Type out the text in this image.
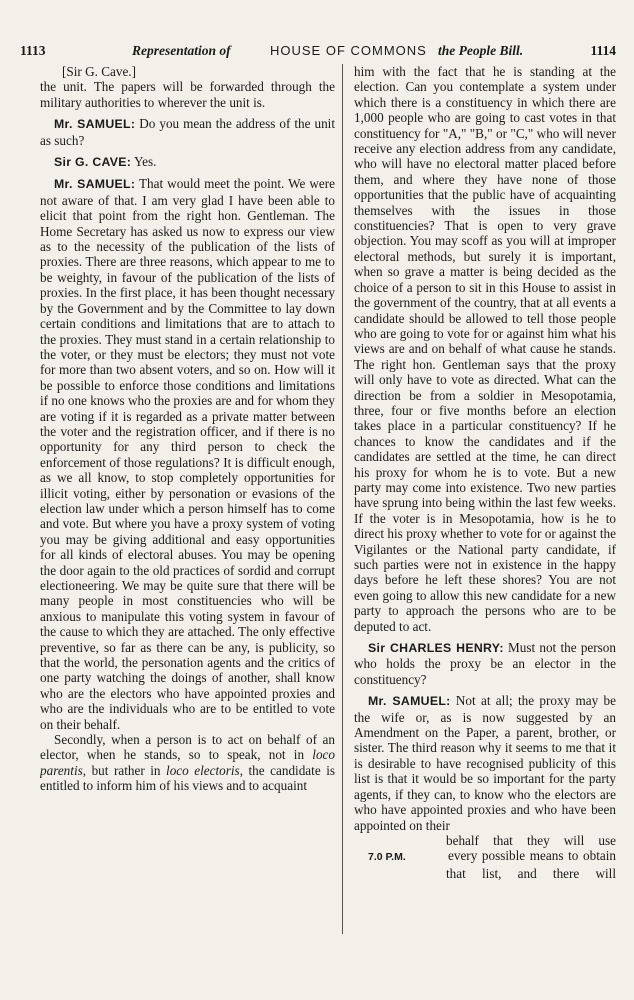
1113	Representation of	HOUSE OF COMMONS the People Bill.	1114

[Sir G. Cave.]

the unit. The papers will be forwarded through the military authorities to wherever the unit is.

Mr. SAMUEL: Do you mean the address of the unit as such?

Sir G. CAVE: Yes.

Mr. SAMUEL: That would meet the point. We were not aware of that. I am very glad I have been able to elicit that point from the right hon. Gentleman. The Home Secretary has asked us now to express our view as to the necessity of the publication of the lists of proxies. There are three reasons, which appear to me to be weighty, in favour of the publication of the lists of proxies. In the first place, it has been thought necessary by the Government and by the Committee to lay down certain conditions and limitations that are to attach to the proxies. They must stand in a certain relationship to the voter, or they must be electors; they must not vote for more than two absent voters, and so on. How will it be possible to enforce those conditions and limitations if no one knows who the proxies are and for whom they are voting if it is regarded as a private matter between the voter and the registration officer, and if there is no opportunity for any third person to check the enforcement of those regulations? It is difficult enough, as we all know, to stop completely opportunities for illicit voting, either by personation or evasions of the election law under which a person himself has to come and vote. But where you have a proxy system of voting you may be giving additional and easy opportunities for all kinds of electoral abuses. You may be opening the door again to the old practices of sordid and corrupt electioneering. We may be quite sure that there will be many people in most constituencies who will be anxious to manipulate this voting system in favour of the cause to which they are attached. The only effective preventive, so far as there can be any, is publicity, so that the world, the personation agents and the critics of one party watching the doings of another, shall know who are the electors who have appointed proxies and who are the individuals who are to be entitled to vote on their behalf.

Secondly, when a person is to act on behalf of an elector, when he stands, so to speak, not in loco parentis, but rather in loco electoris, the candidate is entitled to inform him of his views and to acquaint

him with the fact that he is standing at the election. Can you contemplate a system under which there is a constituency in which there are 1,000 people who are going to cast votes in that constituency for "A," "B," or "C," who will never receive any election address from any candidate, who will have no electoral matter placed before them, and where they have none of those opportunities that the public have of acquainting themselves with the issues in those constituencies? That is open to very grave objection. You may scoff as you will at improper electoral methods, but surely it is important, when so grave a matter is being decided as the choice of a person to sit in this House to assist in the government of the country, that at all events a candidate should be allowed to tell those people who are going to vote for or against him what his views are and on behalf of what cause he stands. The right hon. Gentleman says that the proxy will only have to vote as directed. What can the direction be from a soldier in Mesopotamia, three, four or five months before an election takes place in a particular constituency? If he chances to know the candidates and if the candidates are settled at the time, he can direct his proxy for whom he is to vote. But a new party may come into existence. Two new parties have sprung into being within the last few weeks. If the voter is in Mesopotamia, how is he to direct his proxy whether to vote for or against the Vigilantes or the National party candidate, if such parties were not in existence in the happy days before he left these shores? You are not even going to allow this new candidate for a new party to approach the persons who are to be deputed to act.

Sir CHARLES HENRY: Must not the person who holds the proxy be an elector in the constituency?

Mr. SAMUEL: Not at all; the proxy may be the wife or, as is now suggested by an Amendment on the Paper, a parent, brother, or sister. The third reason why it seems to me that it is desirable to have recognised publicity of this list is that it would be so important for the party agents, if they can, to know who the electors are who have appointed proxies and who have been appointed on their

behalf that they will use
7.0 P.M.	every possible means to obtain
that list, and there will
